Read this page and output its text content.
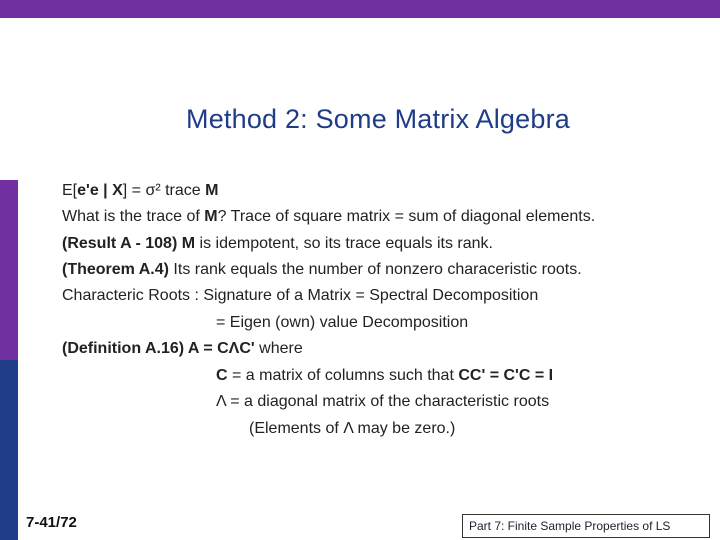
Method 2: Some Matrix Algebra
E[e'e | X] = σ² trace M
What is the trace of M? Trace of square matrix = sum of diagonal elements.
(Result A - 108) M is idempotent, so its trace equals its rank.
(Theorem A.4) Its rank equals the number of nonzero characeristic roots.
Characteric Roots : Signature of a Matrix = Spectral Decomposition
= Eigen (own) value Decomposition
(Definition A.16) A = CΛC' where
C = a matrix of columns such that CC' = C'C = I
Λ = a diagonal matrix of the characteristic roots
(Elements of Λ may be zero.)
7-41/72	Part 7: Finite Sample Properties of LS
